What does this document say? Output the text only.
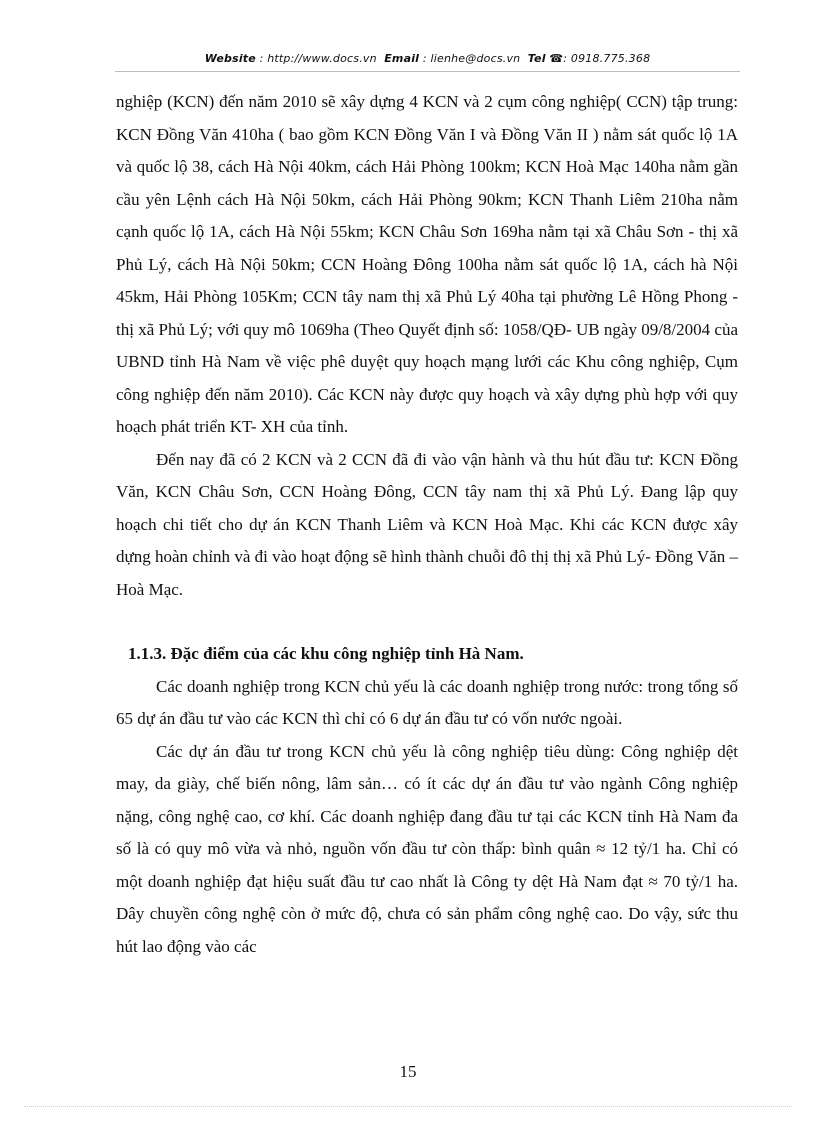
Website : http://www.docs.vn Email : lienhe@docs.vn Tel ☎: 0918.775.368

nghiệp (KCN) đến năm 2010 sẽ xây dựng 4 KCN và 2 cụm công nghiệp( CCN) tập trung: KCN Đồng Văn 410ha ( bao gồm KCN Đồng Văn I và Đồng Văn II ) nằm sát quốc lộ 1A và quốc lộ 38, cách Hà Nội 40km, cách Hải Phòng 100km; KCN Hoà Mạc 140ha nằm gần cầu yên Lệnh cách Hà Nội 50km, cách Hải Phòng 90km; KCN Thanh Liêm 210ha nằm cạnh quốc lộ 1A, cách Hà Nội 55km; KCN Châu Sơn 169ha nằm tại xã Châu Sơn - thị xã Phủ Lý, cách Hà Nội 50km; CCN Hoàng Đông 100ha nằm sát quốc lộ 1A, cách hà Nội 45km, Hải Phòng 105Km; CCN tây nam thị xã Phủ Lý 40ha tại phường Lê Hồng Phong - thị xã Phủ Lý; với quy mô 1069ha (Theo Quyết định số: 1058/QĐ- UB ngày 09/8/2004 của UBND tỉnh Hà Nam về việc phê duyệt quy hoạch mạng lưới các Khu công nghiệp, Cụm công nghiệp đến năm 2010). Các KCN này được quy hoạch và xây dựng phù hợp với quy hoạch phát triển KT- XH của tỉnh.

Đến nay đã có 2 KCN và 2 CCN đã đi vào vận hành và thu hút đầu tư: KCN Đồng Văn, KCN Châu Sơn, CCN Hoàng Đông, CCN tây nam thị xã Phủ Lý. Đang lập quy hoạch chi tiết cho dự án KCN Thanh Liêm và KCN Hoà Mạc. Khi các KCN được xây dựng hoàn chỉnh và đi vào hoạt động sẽ hình thành chuỗi đô thị thị xã Phủ Lý- Đồng Văn – Hoà Mạc.

1.1.3. Đặc điểm của các khu công nghiệp tỉnh Hà Nam.

Các doanh nghiệp trong KCN chủ yếu là các doanh nghiệp trong nước: trong tổng số 65 dự án đầu tư vào các KCN thì chỉ có 6 dự án đầu tư có vốn nước ngoài.

Các dự án đầu tư trong KCN chủ yếu là công nghiệp tiêu dùng: Công nghiệp dệt may, da giày, chế biến nông, lâm sản… có ít các dự án đầu tư vào ngành Công nghiệp nặng, công nghệ cao, cơ khí. Các doanh nghiệp đang đầu tư tại các KCN tỉnh Hà Nam đa số là có quy mô vừa và nhỏ, nguồn vốn đầu tư còn thấp: bình quân ≈ 12 tỷ/1 ha. Chỉ có một doanh nghiệp đạt hiệu suất đầu tư cao nhất là Công ty dệt Hà Nam đạt ≈ 70 tỷ/1 ha. Dây chuyền công nghệ còn ở mức độ, chưa có sản phẩm công nghệ cao. Do vậy, sức thu hút lao động vào các

15
